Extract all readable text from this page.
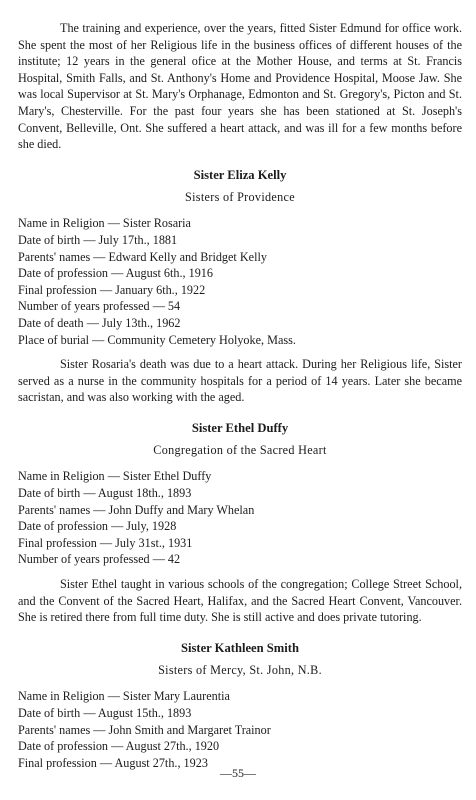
The training and experience, over the years, fitted Sister Edmund for office work. She spent the most of her Religious life in the business offices of different houses of the institute; 12 years in the general ofice at the Mother House, and terms at St. Francis Hospital, Smith Falls, and St. Anthony's Home and Providence Hospital, Moose Jaw. She was local Supervisor at St. Mary's Orphanage, Edmonton and St. Gregory's, Picton and St. Mary's, Chesterville. For the past four years she has been stationed at St. Joseph's Convent, Belleville, Ont. She suffered a heart attack, and was ill for a few months before she died.

Sister Eliza Kelly

Sisters of Providence

Name in Religion — Sister Rosaria

Date of birth — July 17th., 1881

Parents' names — Edward Kelly and Bridget Kelly

Date of profession — August 6th., 1916

Final profession — January 6th., 1922

Number of years professed — 54

Date of death — July 13th., 1962

Place of burial — Community Cemetery Holyoke, Mass.

Sister Rosaria's death was due to a heart attack. During her Religious life, Sister served as a nurse in the community hospitals for a period of 14 years. Later she became sacristan, and was also working with the aged.

Sister Ethel Duffy

Congregation of the Sacred Heart

Name in Religion — Sister Ethel Duffy

Date of birth — August 18th., 1893

Parents' names — John Duffy and Mary Whelan

Date of profession — July, 1928

Final profession — July 31st., 1931

Number of years professed — 42

Sister Ethel taught in various schools of the congregation; College Street School, and the Convent of the Sacred Heart, Halifax, and the Sacred Heart Convent, Vancouver. She is retired there from full time duty. She is still active and does private tutoring.

Sister Kathleen Smith

Sisters of Mercy, St. John, N.B.

Name in Religion — Sister Mary Laurentia

Date of birth — August 15th., 1893

Parents' names — John Smith and Margaret Trainor

Date of profession — August 27th., 1920

Final profession — August 27th., 1923

—55—
